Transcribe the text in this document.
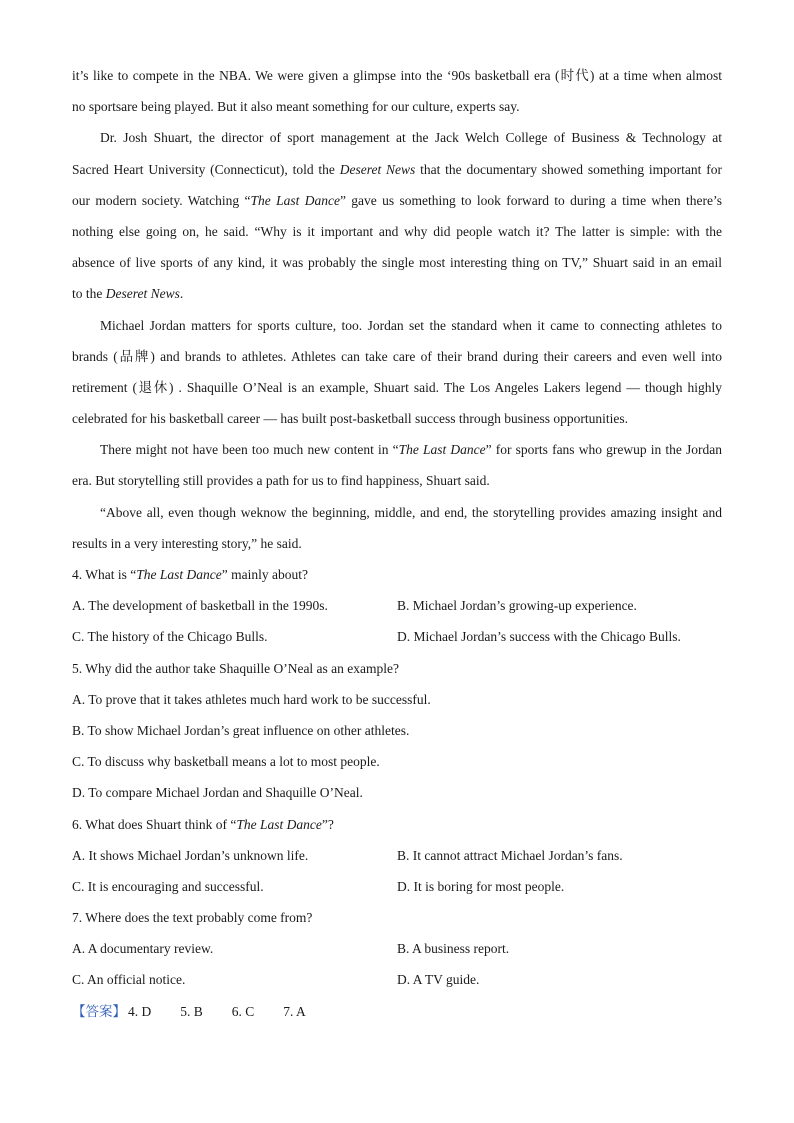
it’s like to compete in the NBA. We were given a glimpse into the ‘90s basketball era (时代) at a time when almost
no sportsare being played. But it also meant something for our culture, experts say.
Dr. Josh Shuart, the director of sport management at the Jack Welch College of Business & Technology at
Sacred Heart University (Connecticut), told the Deseret News that the documentary showed something important for
our modern society. Watching “The Last Dance” gave us something to look forward to during a time when there’s
nothing else going on, he said. “Why is it important and why did people watch it? The latter is simple: with the
absence of live sports of any kind, it was probably the single most interesting thing on TV,” Shuart said in an email
to the Deseret News.
Michael Jordan matters for sports culture, too. Jordan set the standard when it came to connecting athletes to
brands (品牌) and brands to athletes. Athletes can take care of their brand during their careers and even well into
retirement (退休) . Shaquille O’Neal is an example, Shuart said. The Los Angeles Lakers legend — though highly
celebrated for his basketball career — has built post-basketball success through business opportunities.
There might not have been too much new content in “The Last Dance” for sports fans who grewup in the Jordan
era. But storytelling still provides a path for us to find happiness, Shuart said.
“Above all, even though weknow the beginning, middle, and end, the storytelling provides amazing insight and
results in a very interesting story,” he said.
4. What is “The Last Dance” mainly about?
A. The development of basketball in the 1990s.	B. Michael Jordan’s growing-up experience.
C. The history of the Chicago Bulls.	D. Michael Jordan’s success with the Chicago Bulls.
5. Why did the author take Shaquille O’Neal as an example?
A. To prove that it takes athletes much hard work to be successful.
B. To show Michael Jordan’s great influence on other athletes.
C. To discuss why basketball means a lot to most people.
D. To compare Michael Jordan and Shaquille O’Neal.
6. What does Shuart think of “The Last Dance”?
A. It shows Michael Jordan’s unknown life.	B. It cannot attract Michael Jordan’s fans.
C. It is encouraging and successful.	D. It is boring for most people.
7. Where does the text probably come from?
A. A documentary review.	B. A business report.
C. An official notice.	D. A TV guide.
【答案】 4. D 5. B 6. C 7. A
